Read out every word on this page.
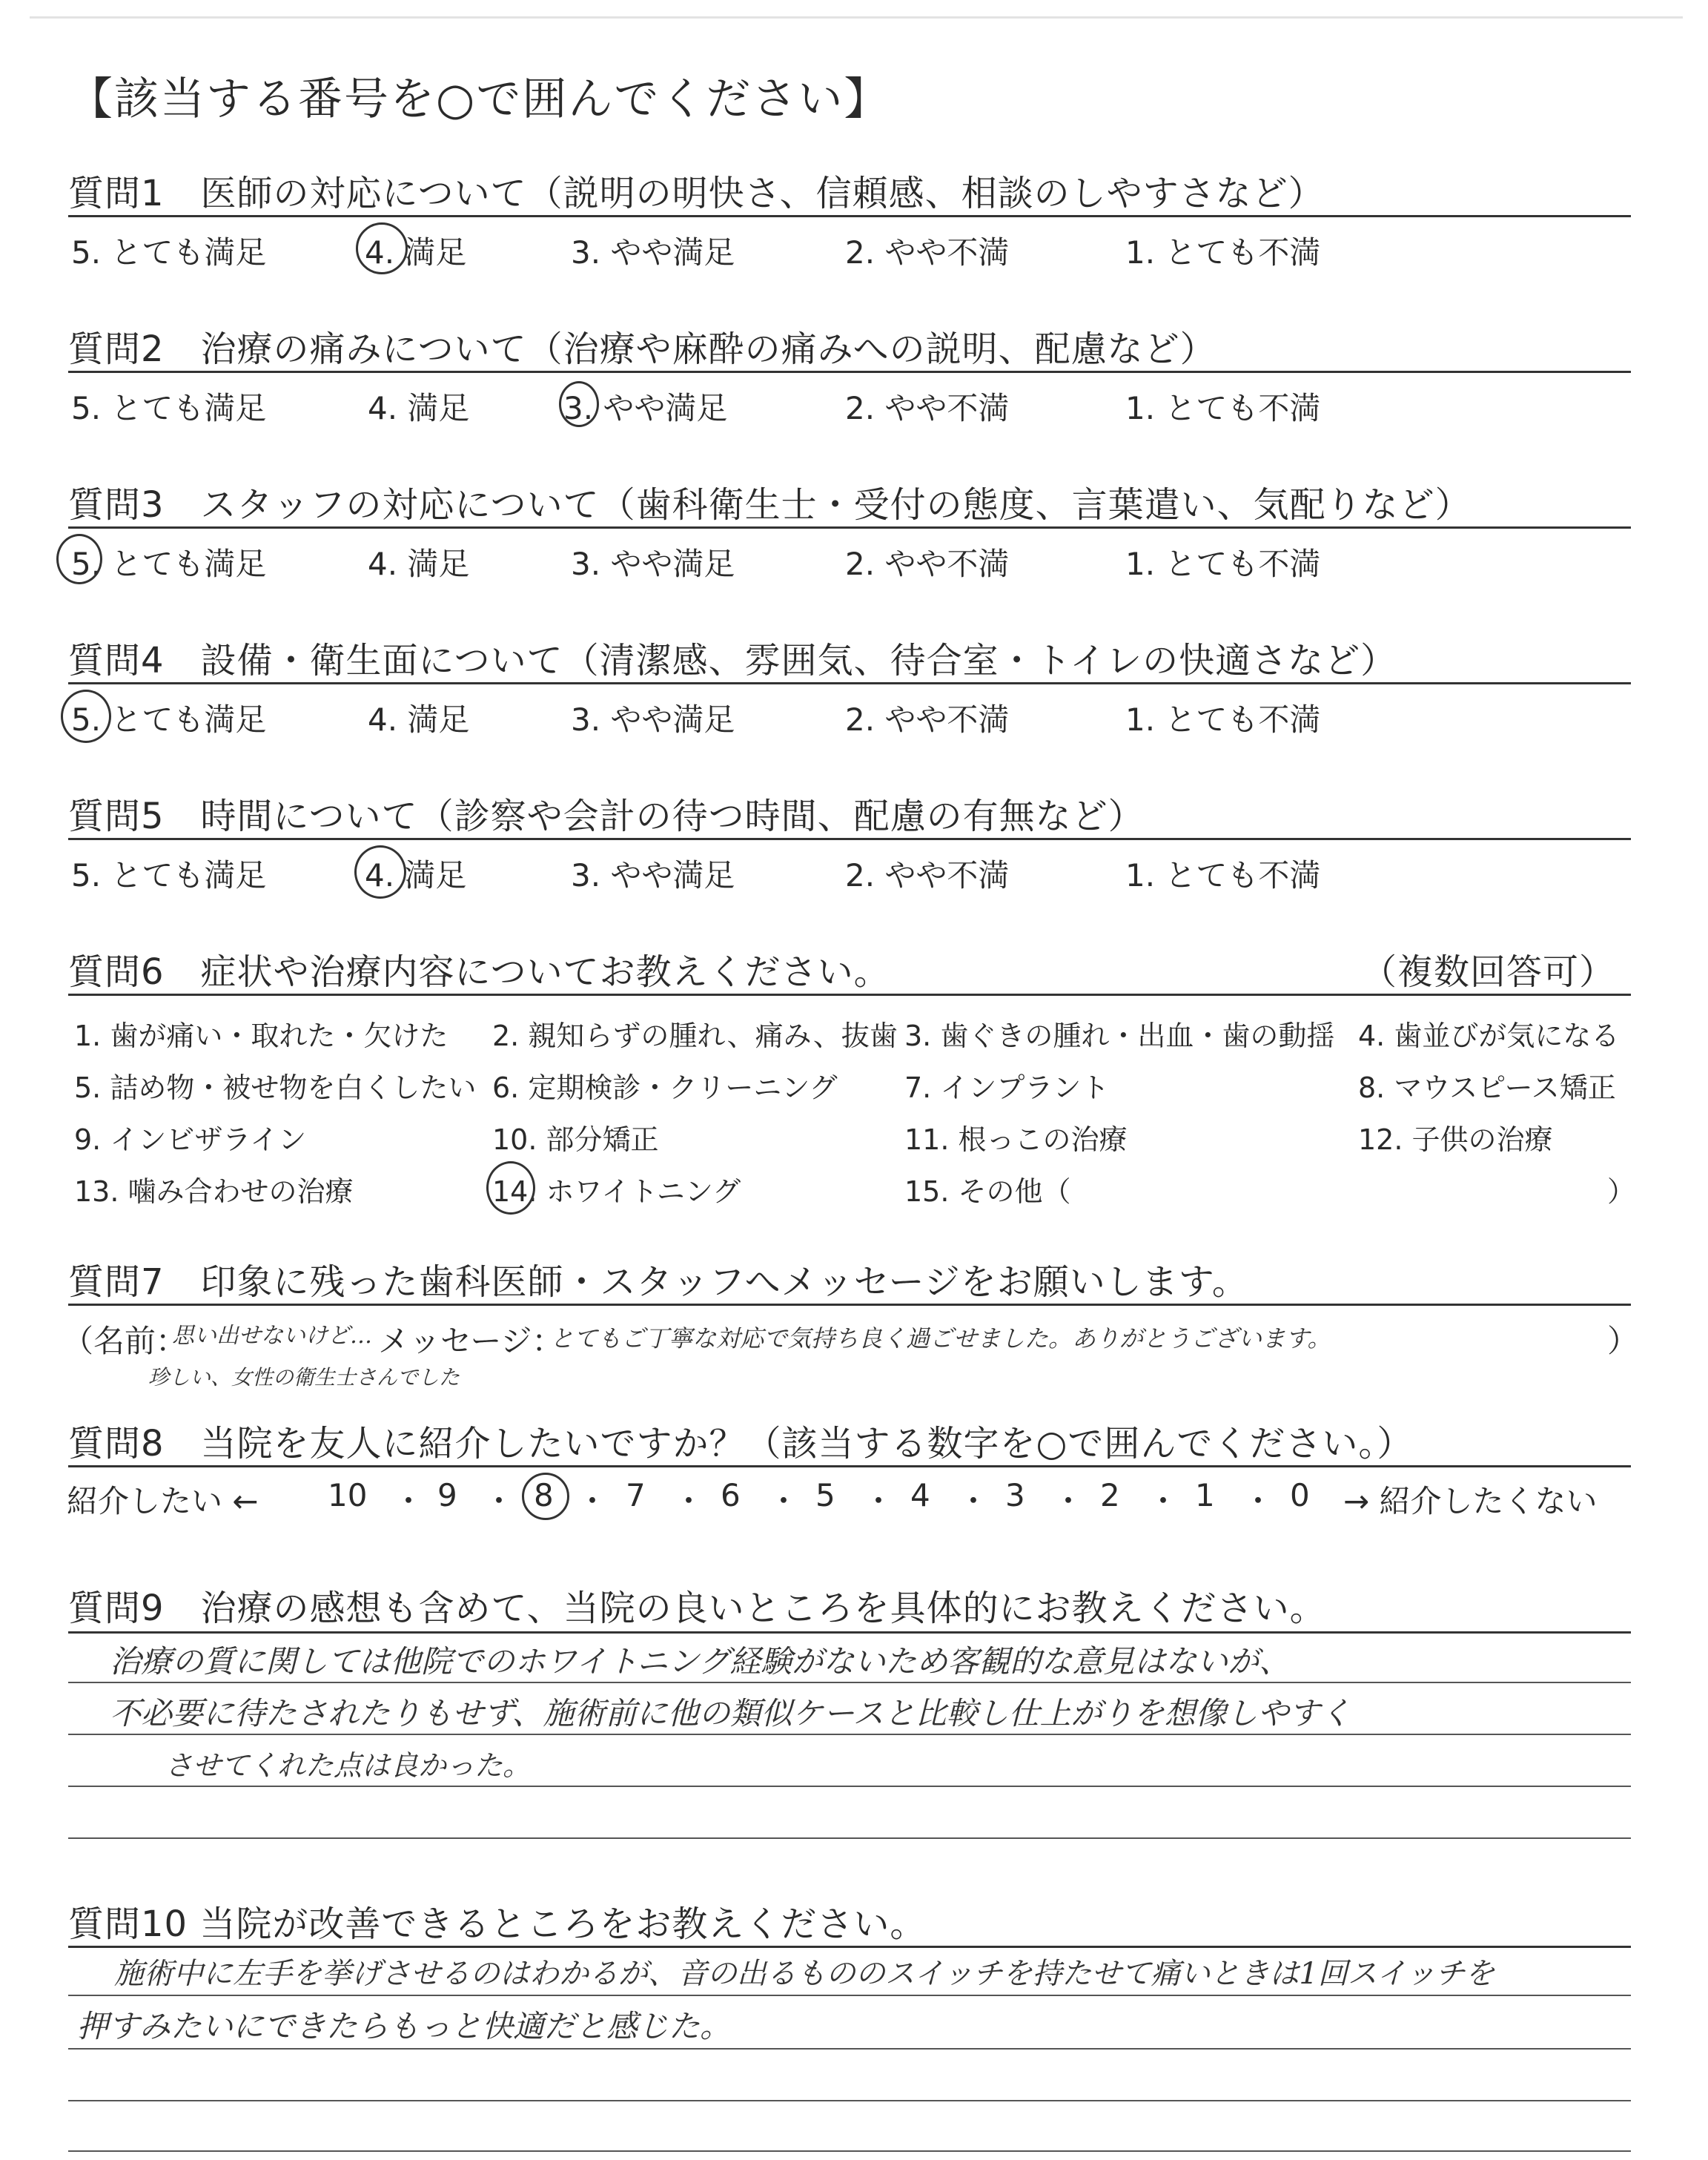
【該当する番号を○で囲んでください】
質問1　医師の対応について（説明の明快さ、信頼感、相談のしやすさなど）
5. とても満足	4. 満足	3. やや満足	2. やや不満	1. とても不満
質問2　治療の痛みについて（治療や麻酔の痛みへの説明、配慮など）
5. とても満足	4. 満足	3. やや満足	2. やや不満	1. とても不満
質問3　スタッフの対応について（歯科衛生士・受付の態度、言葉遣い、気配りなど）
5. とても満足	4. 満足	3. やや満足	2. やや不満	1. とても不満
質問4　設備・衛生面について（清潔感、雰囲気、待合室・トイレの快適さなど）
5. とても満足	4. 満足	3. やや満足	2. やや不満	1. とても不満
質問5　時間について（診察や会計の待つ時間、配慮の有無など）
5. とても満足	4. 満足	3. やや満足	2. やや不満	1. とても不満
質問6　症状や治療内容についてお教えください。	（複数回答可）
1. 歯が痛い・取れた・欠けた 2. 親知らずの腫れ、痛み、抜歯 3. 歯ぐきの腫れ・出血・歯の動揺 4. 歯並びが気になる
5. 詰め物・被せ物を白くしたい 6. 定期検診・クリーニング 7. インプラント	8. マウスピース矯正
9. インビザライン	10. 部分矯正	11. 根っこの治療	12. 子供の治療
13. 噛み合わせの治療	14. ホワイトニング	15. その他（	）
質問7　印象に残った歯科医師・スタッフへメッセージをお願いします。
（名前：
思い出せないけど… メッセージ：
とてもご丁寧な対応で気持ち良く過ごせました。ありがとうございます。	）
珍しい、女性の衛生士さんでした
質問8　当院を友人に紹介したいですか？（該当する数字を○で囲んでください。）
紹介したい ← 10 ・ 9 ・ 8 ・ 7 ・ 6 ・ 5 ・ 4 ・ 3 ・ 2 ・ 1 ・ 0 → 紹介したくない
質問9　治療の感想も含めて、当院の良いところを具体的にお教えください。
治療の質に関しては他院でのホワイトニング経験がないため客観的な意見はないが、
不必要に待たされたりもせず、施術前に他の類似ケースと比較し仕上がりを想像しやすく
させてくれた点は良かった。
質問10 当院が改善できるところをお教えください。
施術中に左手を挙げさせるのはわかるが、音の出るもののスイッチを持たせて痛いときは1回スイッチを
押すみたいにできたらもっと快適だと感じた。
